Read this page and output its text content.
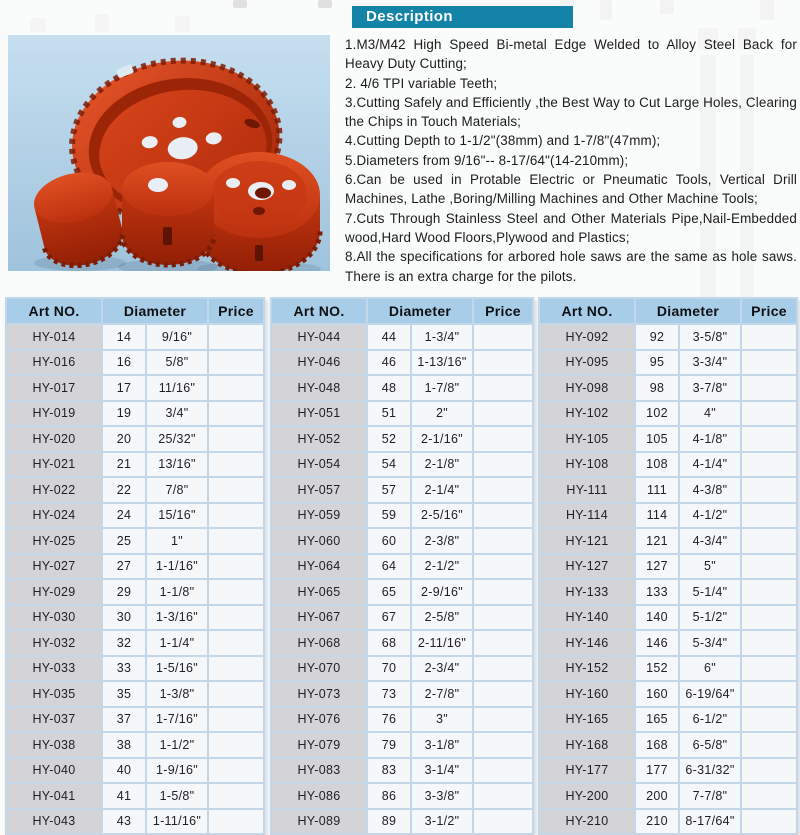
Description

1.M3/M42 High Speed Bi-metal Edge Welded to Alloy Steel Back for Heavy Duty Cutting;

2. 4/6 TPI variable Teeth;

3.Cutting Safely and Efficiently ,the Best Way to Cut Large Holes, Clearing the Chips in Touch Materials;

4.Cutting Depth to 1-1/2"(38mm) and 1-7/8"(47mm);

5.Diameters from 9/16"-- 8-17/64"(14-210mm);

6.Can be used in Protable Electric or Pneumatic Tools, Vertical Drill Machines, Lathe ,Boring/Milling Machines and Other Machine Tools;

7.Cuts Through Stainless Steel and Other Materials Pipe,Nail-Embedded wood,Hard Wood Floors,Plywood and Plastics;

8.All the specifications for arbored hole saws are the same as hole saws. There is an extra charge for the pilots.

Art NO.	Diameter		Price
HY-014	14	9/16"	
HY-016	16	5/8"	
HY-017	17	11/16"	
HY-019	19	3/4"	
HY-020	20	25/32"	
HY-021	21	13/16"	
HY-022	22	7/8"	
HY-024	24	15/16"	
HY-025	25	1"	
HY-027	27	1-1/16"	
HY-029	29	1-1/8"	
HY-030	30	1-3/16"	
HY-032	32	1-1/4"	
HY-033	33	1-5/16"	
HY-035	35	1-3/8"	
HY-037	37	1-7/16"	
HY-038	38	1-1/2"	
HY-040	40	1-9/16"	
HY-041	41	1-5/8"	
HY-043	43	1-11/16"	
Art NO.	Diameter		Price
HY-044	44	1-3/4"	
HY-046	46	1-13/16"	
HY-048	48	1-7/8"	
HY-051	51	2"	
HY-052	52	2-1/16"	
HY-054	54	2-1/8"	
HY-057	57	2-1/4"	
HY-059	59	2-5/16"	
HY-060	60	2-3/8"	
HY-064	64	2-1/2"	
HY-065	65	2-9/16"	
HY-067	67	2-5/8"	
HY-068	68	2-11/16"	
HY-070	70	2-3/4"	
HY-073	73	2-7/8"	
HY-076	76	3"	
HY-079	79	3-1/8"	
HY-083	83	3-1/4"	
HY-086	86	3-3/8"	
HY-089	89	3-1/2"	
Art NO.	Diameter		Price
HY-092	92	3-5/8"	
HY-095	95	3-3/4"	
HY-098	98	3-7/8"	
HY-102	102	4"	
HY-105	105	4-1/8"	
HY-108	108	4-1/4"	
HY-111	111	4-3/8"	
HY-114	114	4-1/2"	
HY-121	121	4-3/4"	
HY-127	127	5"	
HY-133	133	5-1/4"	
HY-140	140	5-1/2"	
HY-146	146	5-3/4"	
HY-152	152	6"	
HY-160	160	6-19/64"	
HY-165	165	6-1/2"	
HY-168	168	6-5/8"	
HY-177	177	6-31/32"	
HY-200	200	7-7/8"	
HY-210	210	8-17/64"	
